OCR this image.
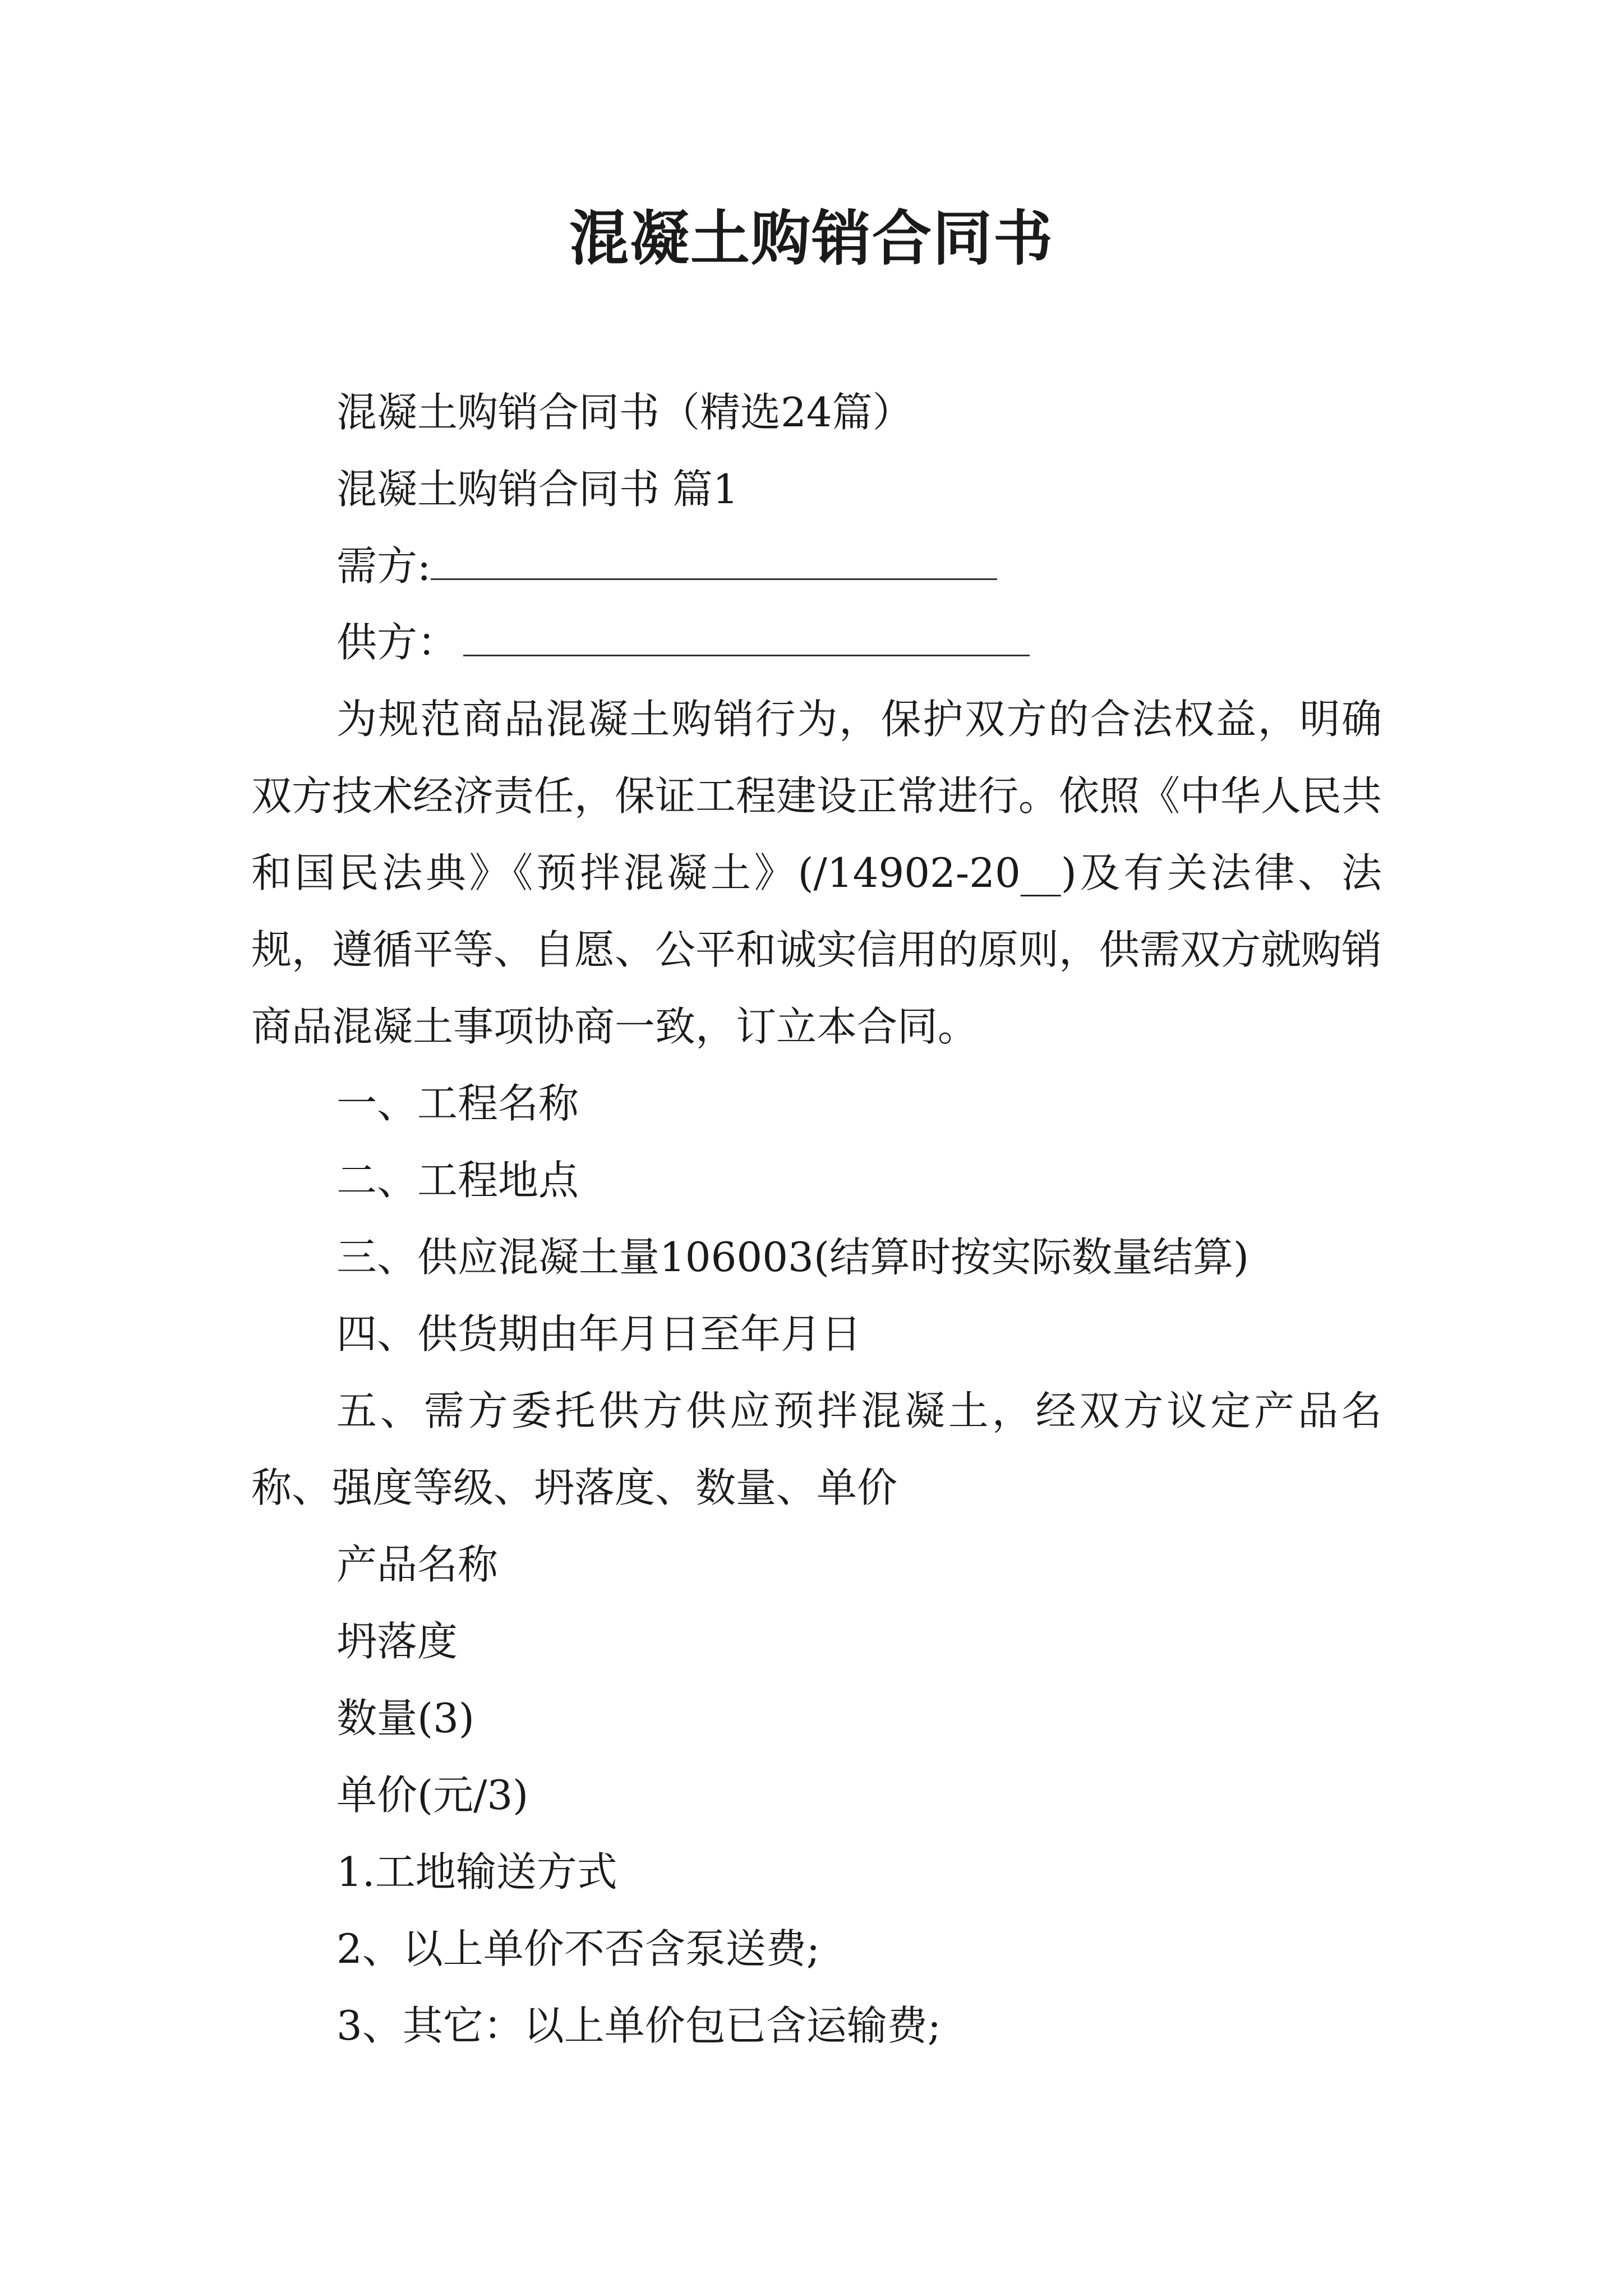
混凝土购销合同书
混凝土购销合同书（精选24篇）
混凝土购销合同书 篇1
需方:
供方：
为规范商品混凝土购销行为，保护双方的合法权益，明确双方技术经济责任，保证工程建设正常进行。依照《中华人民共和国民法典》《预拌混凝土》(/14902-20__)及有关法律、法规，遵循平等、自愿、公平和诚实信用的原则，供需双方就购销商品混凝土事项协商一致，订立本合同。
一、工程名称
二、工程地点
三、供应混凝土量106003(结算时按实际数量结算)
四、供货期由年月日至年月日
五、需方委托供方供应预拌混凝土，经双方议定产品名称、强度等级、坍落度、数量、单价
产品名称
坍落度
数量(3)
单价(元/3)
1.工地输送方式
2、以上单价不否含泵送费;
3、其它：以上单价包已含运输费;
